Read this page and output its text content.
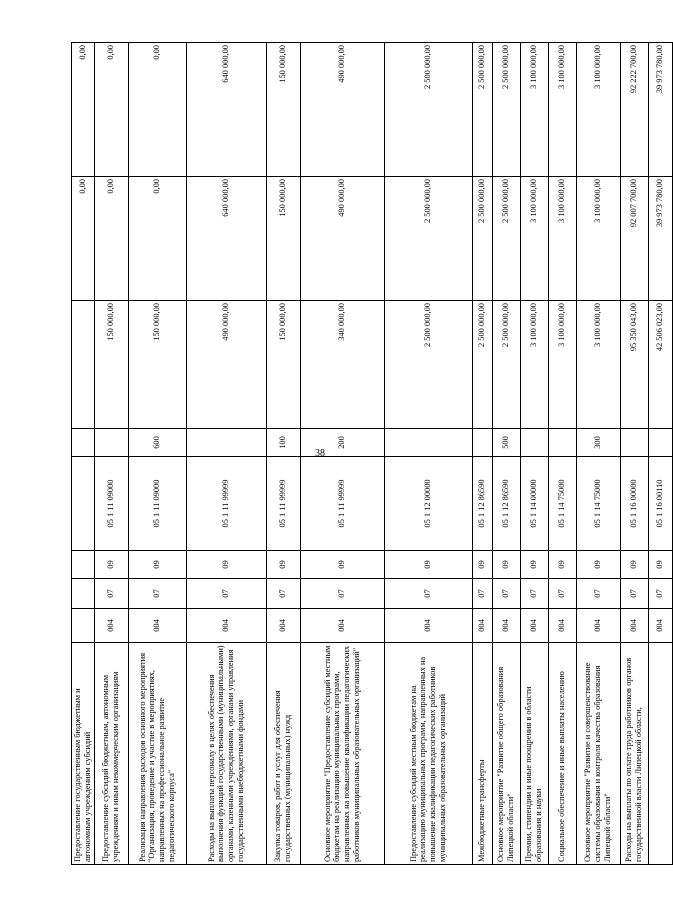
38
Предоставление государственным бюджетным и автономным учреждениям субсидий							0,00	0,00
Предоставление субсидий бюджетным, автономным учреждениям и иным некоммерческим организациям	004	07	09	05 1 11 09000		150 000,00	0,00	0,00
Реализация направления расходов основного мероприятия "Организация, проведение и участие в мероприятиях, направленных на профессиональное развитие педагогического корпуса"	004	07	09	05 1 11 09000	600	150 000,00	0,00	0,00
Расходы на выплаты персоналу в целях обеспечения выполнения функций государственными (муниципальными) органами, казенными учреждениями, органами управления государственными внебюджетными фондами	004	07	09	05 1 11 99999		490 000,00	640 000,00	640 000,00
Закупка товаров, работ и услуг для обеспечения государственных (муниципальных) нужд	004	07	09	05 1 11 99999	100	150 000,00	150 000,00	150 000,00
Основное мероприятие "Предоставление субсидий местным бюджетам на реализацию муниципальных программ, направленных на повышение квалификации педагогических работников муниципальных образовательных организаций"	004	07	09	05 1 11 99999	200	340 000,00	490 000,00	490 000,00
Предоставление субсидий местным бюджетам на реализацию муниципальных программ, направленных на повышение квалификации педагогических работников муниципальных образовательных организаций	004	07	09	05 1 12 00000		2 500 000,00	2 500 000,00	2 500 000,00
Межбюджетные трансферты	004	07	09	05 1 12 86590		2 500 000,00	2 500 000,00	2 500 000,00
Основное мероприятие "Развитие общего образования Липецкой области"	004	07	09	05 1 12 86590	500	2 500 000,00	2 500 000,00	2 500 000,00
Премии, стипендии и иные поощрения в области образования и науки	004	07	09	05 1 14 00000		3 100 000,00	3 100 000,00	3 100 000,00
Социальное обеспечение и иные выплаты населению	004	07	09	05 1 14 75000		3 100 000,00	3 100 000,00	3 100 000,00
Основное мероприятие "Развитие и совершенствование системы образования и контроля качества образования Липецкой области"	004	07	09	05 1 14 75000	300	3 100 000,00	3 100 000,00	3 100 000,00
Расходы на выплаты по оплате труда работников органов государственной власти Липецкой области,	004	07	09	05 1 16 00000		95 350 043,00	92 007 700,00	92 222 700,00
	004	07	09	05 1 16 00110		42 506 023,00	39 973 780,00	39 973 780,00
